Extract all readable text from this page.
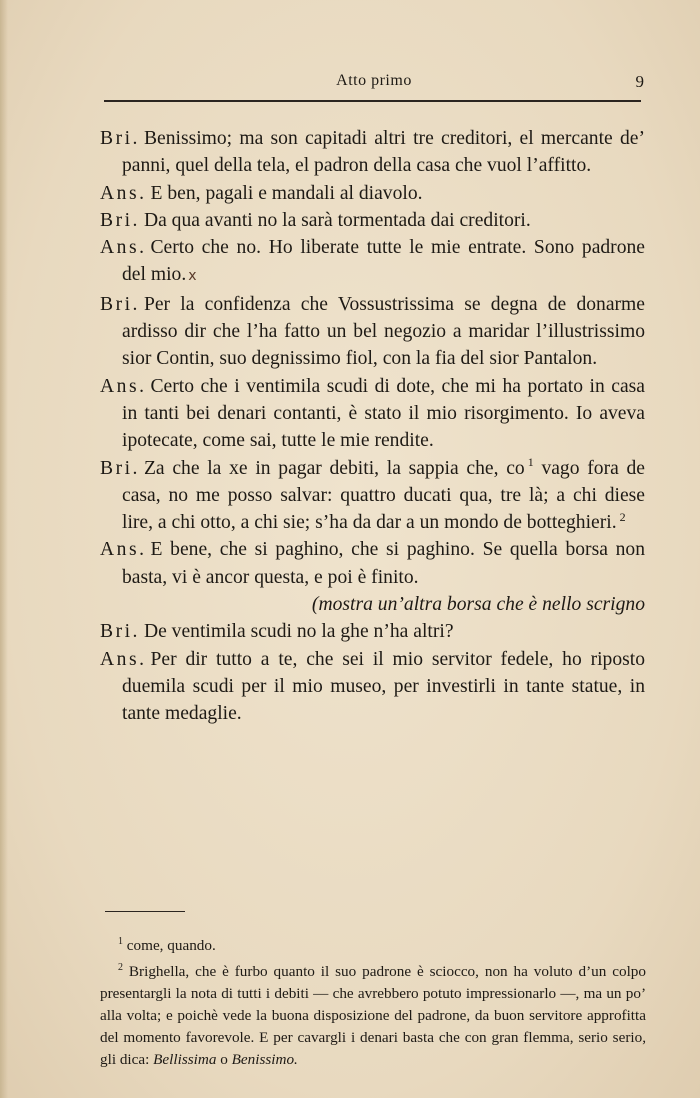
Atto primo	9

Bri. Benissimo; ma son capitadi altri tre creditori, el mercante de’ panni, quel della tela, el padron della casa che vuol l’affitto.

Ans. E ben, pagali e mandali al diavolo.

Bri. Da qua avanti no la sarà tormentada dai creditori.

Ans. Certo che no. Ho liberate tutte le mie entrate. Sono padrone del mio. x

Bri. Per la confidenza che Vossustrissima se degna de donarme ardisso dir che l’ha fatto un bel negozio a maridar l’illustrissimo sior Contin, suo degnissimo fiol, con la fia del sior Pantalon.

Ans. Certo che i ventimila scudi di dote, che mi ha portato in casa in tanti bei denari contanti, è stato il mio risorgimento. Io aveva ipotecate, come sai, tutte le mie rendite.

Bri. Za che la xe in pagar debiti, la sappia che, co $^1$ vago fora de casa, no me posso salvar: quattro ducati qua, tre là; a chi diese lire, a chi otto, a chi sie; s’ha da dar a un mondo de botteghieri. $^2$

Ans. E bene, che si paghino, che si paghino. Se quella borsa non basta, vi è ancor questa, e poi è finito.

(mostra un’altra borsa che è nello scrigno

Bri. De ventimila scudi no la ghe n’ha altri?

Ans. Per dir tutto a te, che sei il mio servitor fedele, ho riposto duemila scudi per il mio museo, per investirli in tante statue, in tante medaglie.

$^1$ come, quando.

$^2$ Brighella, che è furbo quanto il suo padrone è sciocco, non ha voluto d’un colpo presentargli la nota di tutti i debiti — che avrebbero potuto impressionarlo —, ma un po’ alla volta; e poichè vede la buona disposizione del padrone, da buon servitore approfitta del momento favorevole. E per cavargli i denari basta che con gran flemma, serio serio, gli dica: Bellissima o Benissimo.
